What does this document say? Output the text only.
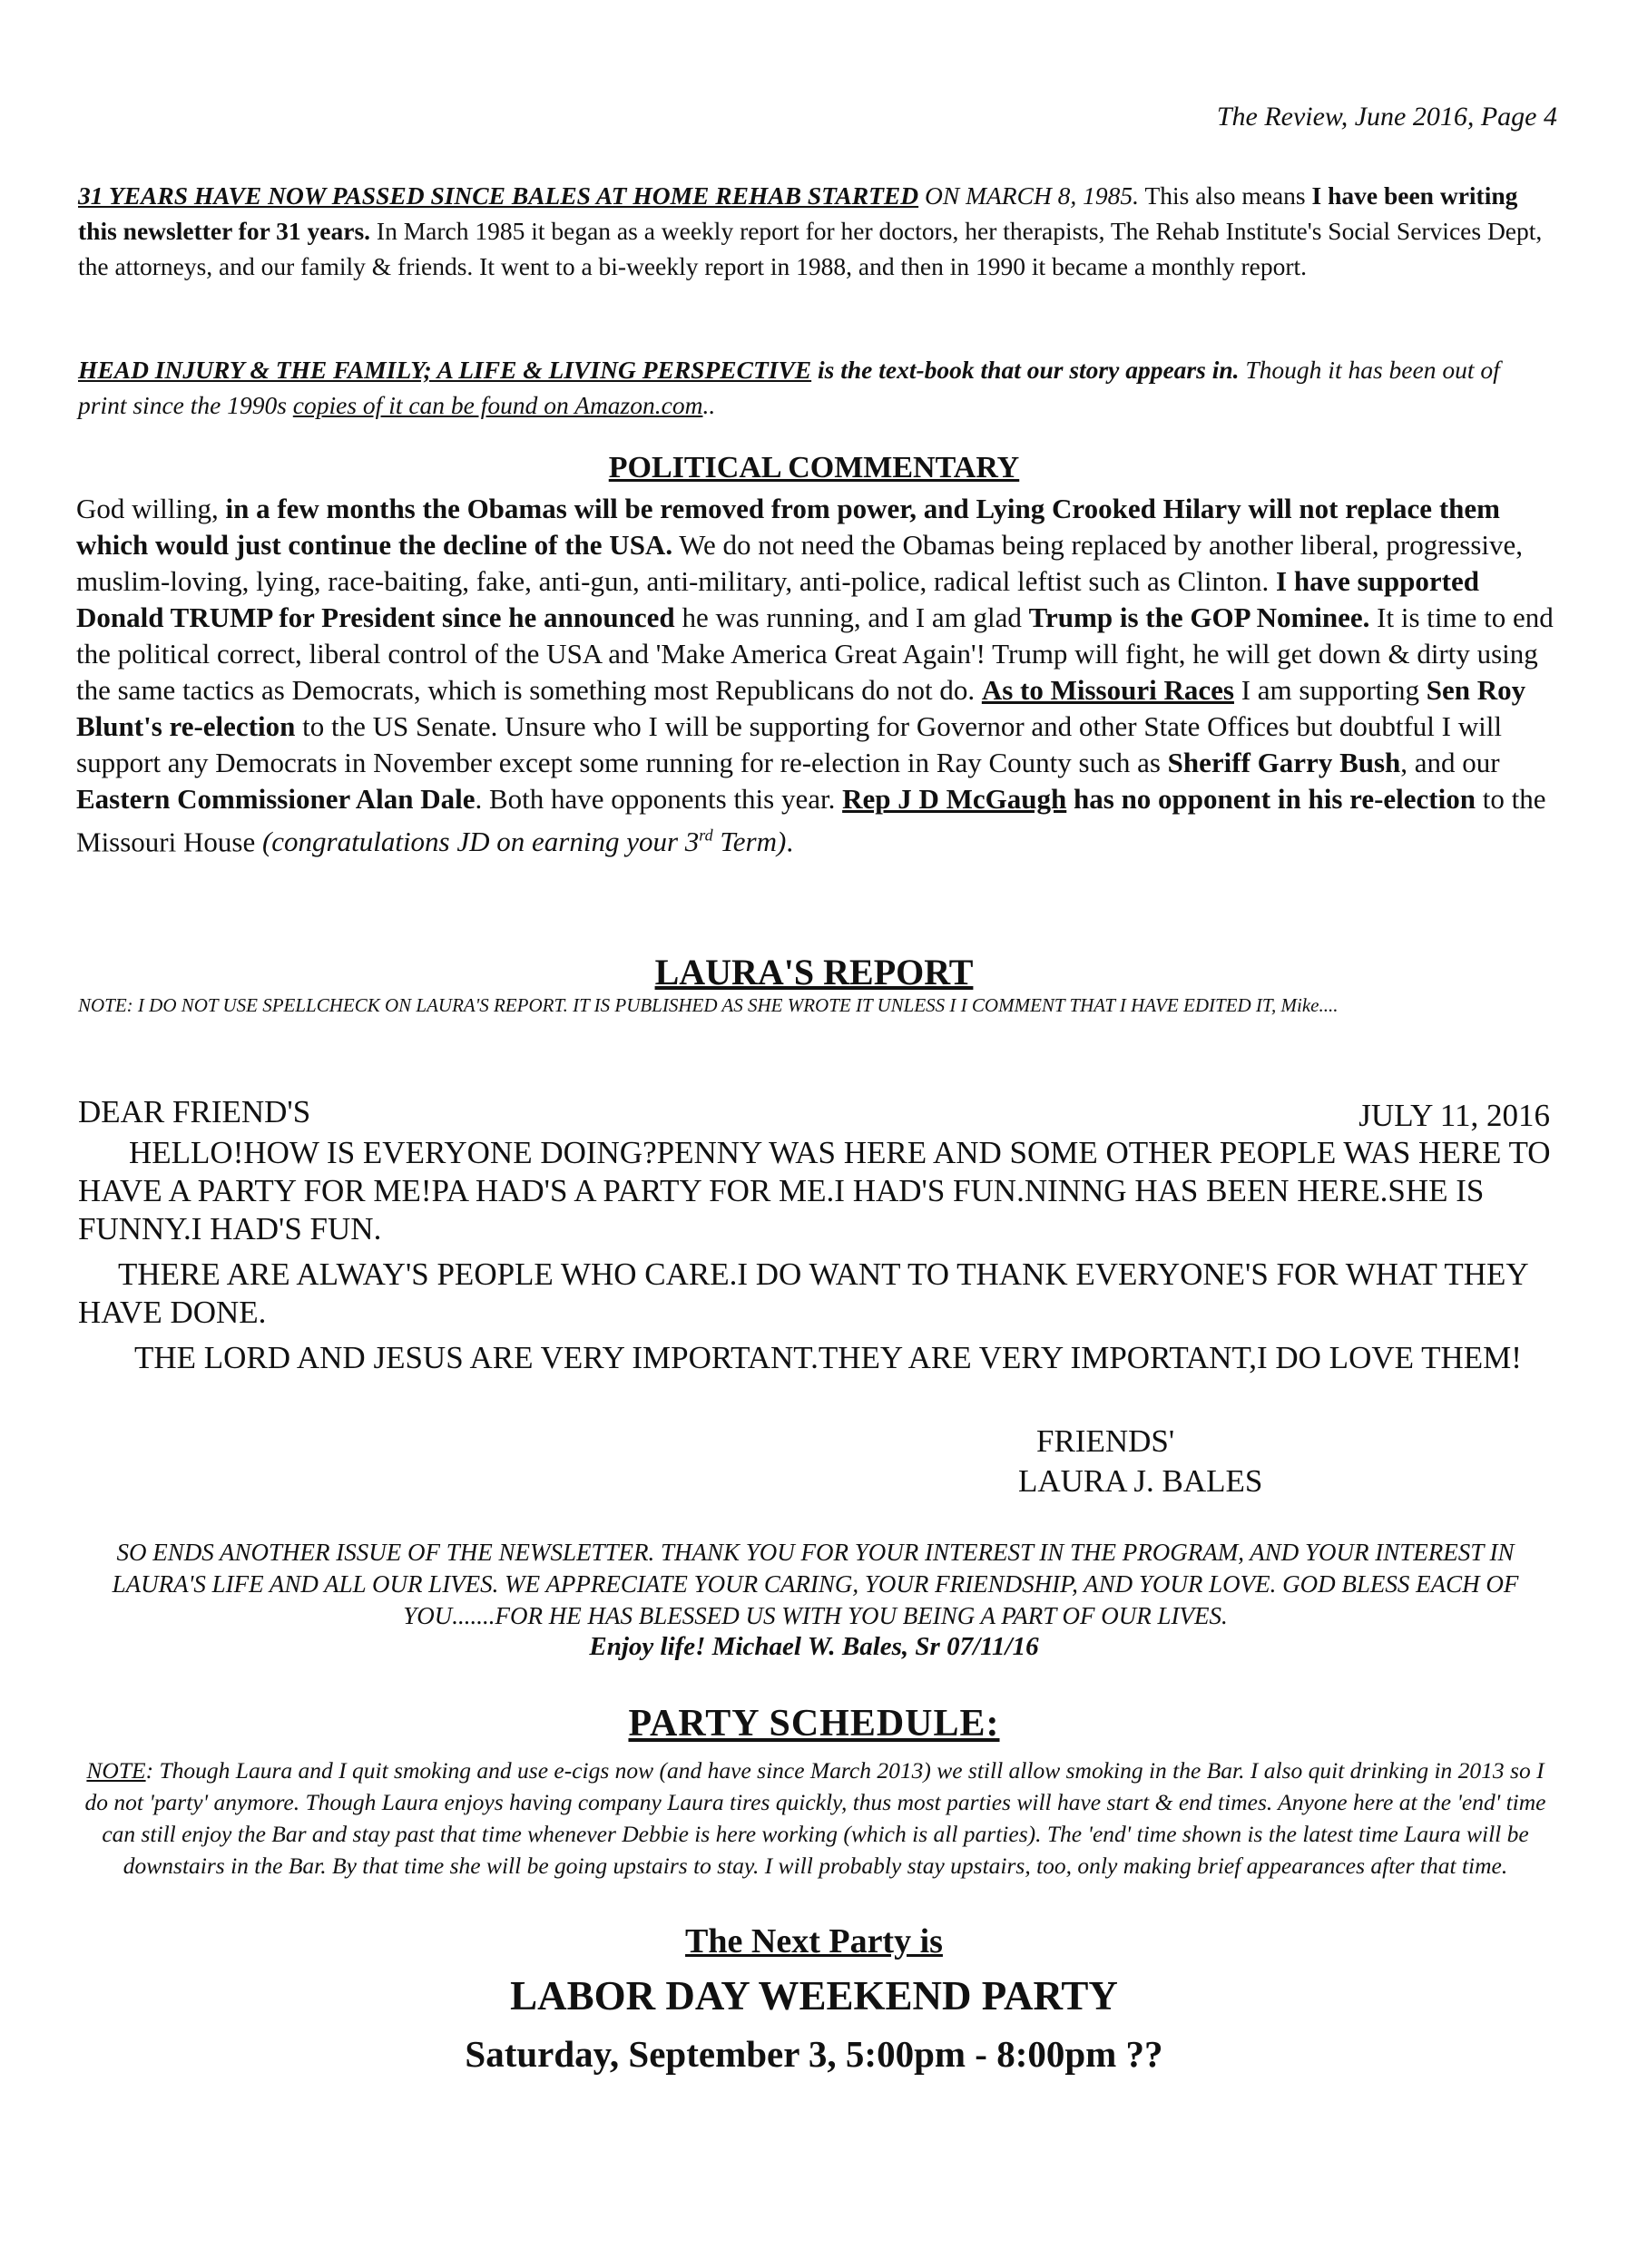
The Review, June 2016, Page 4
31 YEARS HAVE NOW PASSED SINCE BALES AT HOME REHAB STARTED ON MARCH 8, 1985. This also means I have been writing this newsletter for 31 years. In March 1985 it began as a weekly report for her doctors, her therapists, The Rehab Institute's Social Services Dept, the attorneys, and our family & friends. It went to a bi-weekly report in 1988, and then in 1990 it became a monthly report.
HEAD INJURY & THE FAMILY; A LIFE & LIVING PERSPECTIVE is the text-book that our story appears in. Though it has been out of print since the 1990s copies of it can be found on Amazon.com..
POLITICAL COMMENTARY
God willing, in a few months the Obamas will be removed from power, and Lying Crooked Hilary will not replace them which would just continue the decline of the USA. We do not need the Obamas being replaced by another liberal, progressive, muslim-loving, lying, race-baiting, fake, anti-gun, anti-military, anti-police, radical leftist such as Clinton. I have supported Donald TRUMP for President since he announced he was running, and I am glad Trump is the GOP Nominee. It is time to end the political correct, liberal control of the USA and 'Make America Great Again'! Trump will fight, he will get down & dirty using the same tactics as Democrats, which is something most Republicans do not do. As to Missouri Races I am supporting Sen Roy Blunt's re-election to the US Senate. Unsure who I will be supporting for Governor and other State Offices but doubtful I will support any Democrats in November except some running for re-election in Ray County such as Sheriff Garry Bush, and our Eastern Commissioner Alan Dale. Both have opponents this year. Rep J D McGaugh has no opponent in his re-election to the Missouri House (congratulations JD on earning your 3rd Term).
LAURA'S REPORT
NOTE: I DO NOT USE SPELLCHECK ON LAURA'S REPORT. IT IS PUBLISHED AS SHE WROTE IT UNLESS I I COMMENT THAT I HAVE EDITED IT, Mike....
DEAR FRIEND'S	JULY 11, 2016
HELLO!HOW IS EVERYONE DOING?PENNY WAS HERE AND SOME OTHER PEOPLE WAS HERE TO HAVE A PARTY FOR ME!PA HAD'S A PARTY FOR ME.I HAD'S FUN.NINNG HAS BEEN HERE.SHE IS FUNNY.I HAD'S FUN.
THERE ARE ALWAY'S PEOPLE WHO CARE.I DO WANT TO THANK EVERYONE'S FOR WHAT THEY HAVE DONE.
THE LORD AND JESUS ARE VERY IMPORTANT.THEY ARE VERY IMPORTANT,I DO LOVE THEM!
FRIENDS'
LAURA J. BALES
SO ENDS ANOTHER ISSUE OF THE NEWSLETTER. THANK YOU FOR YOUR INTEREST IN THE PROGRAM, AND YOUR INTEREST IN LAURA'S LIFE AND ALL OUR LIVES. WE APPRECIATE YOUR CARING, YOUR FRIENDSHIP, AND YOUR LOVE. GOD BLESS EACH OF YOU.......FOR HE HAS BLESSED US WITH YOU BEING A PART OF OUR LIVES.
Enjoy life! Michael W. Bales, Sr 07/11/16
PARTY SCHEDULE:
NOTE: Though Laura and I quit smoking and use e-cigs now (and have since March 2013) we still allow smoking in the Bar. I also quit drinking in 2013 so I do not 'party' anymore. Though Laura enjoys having company Laura tires quickly, thus most parties will have start & end times. Anyone here at the 'end' time can still enjoy the Bar and stay past that time whenever Debbie is here working (which is all parties). The 'end' time shown is the latest time Laura will be downstairs in the Bar. By that time she will be going upstairs to stay. I will probably stay upstairs, too, only making brief appearances after that time.
The Next Party is
LABOR DAY WEEKEND PARTY
Saturday, September 3, 5:00pm - 8:00pm ??
